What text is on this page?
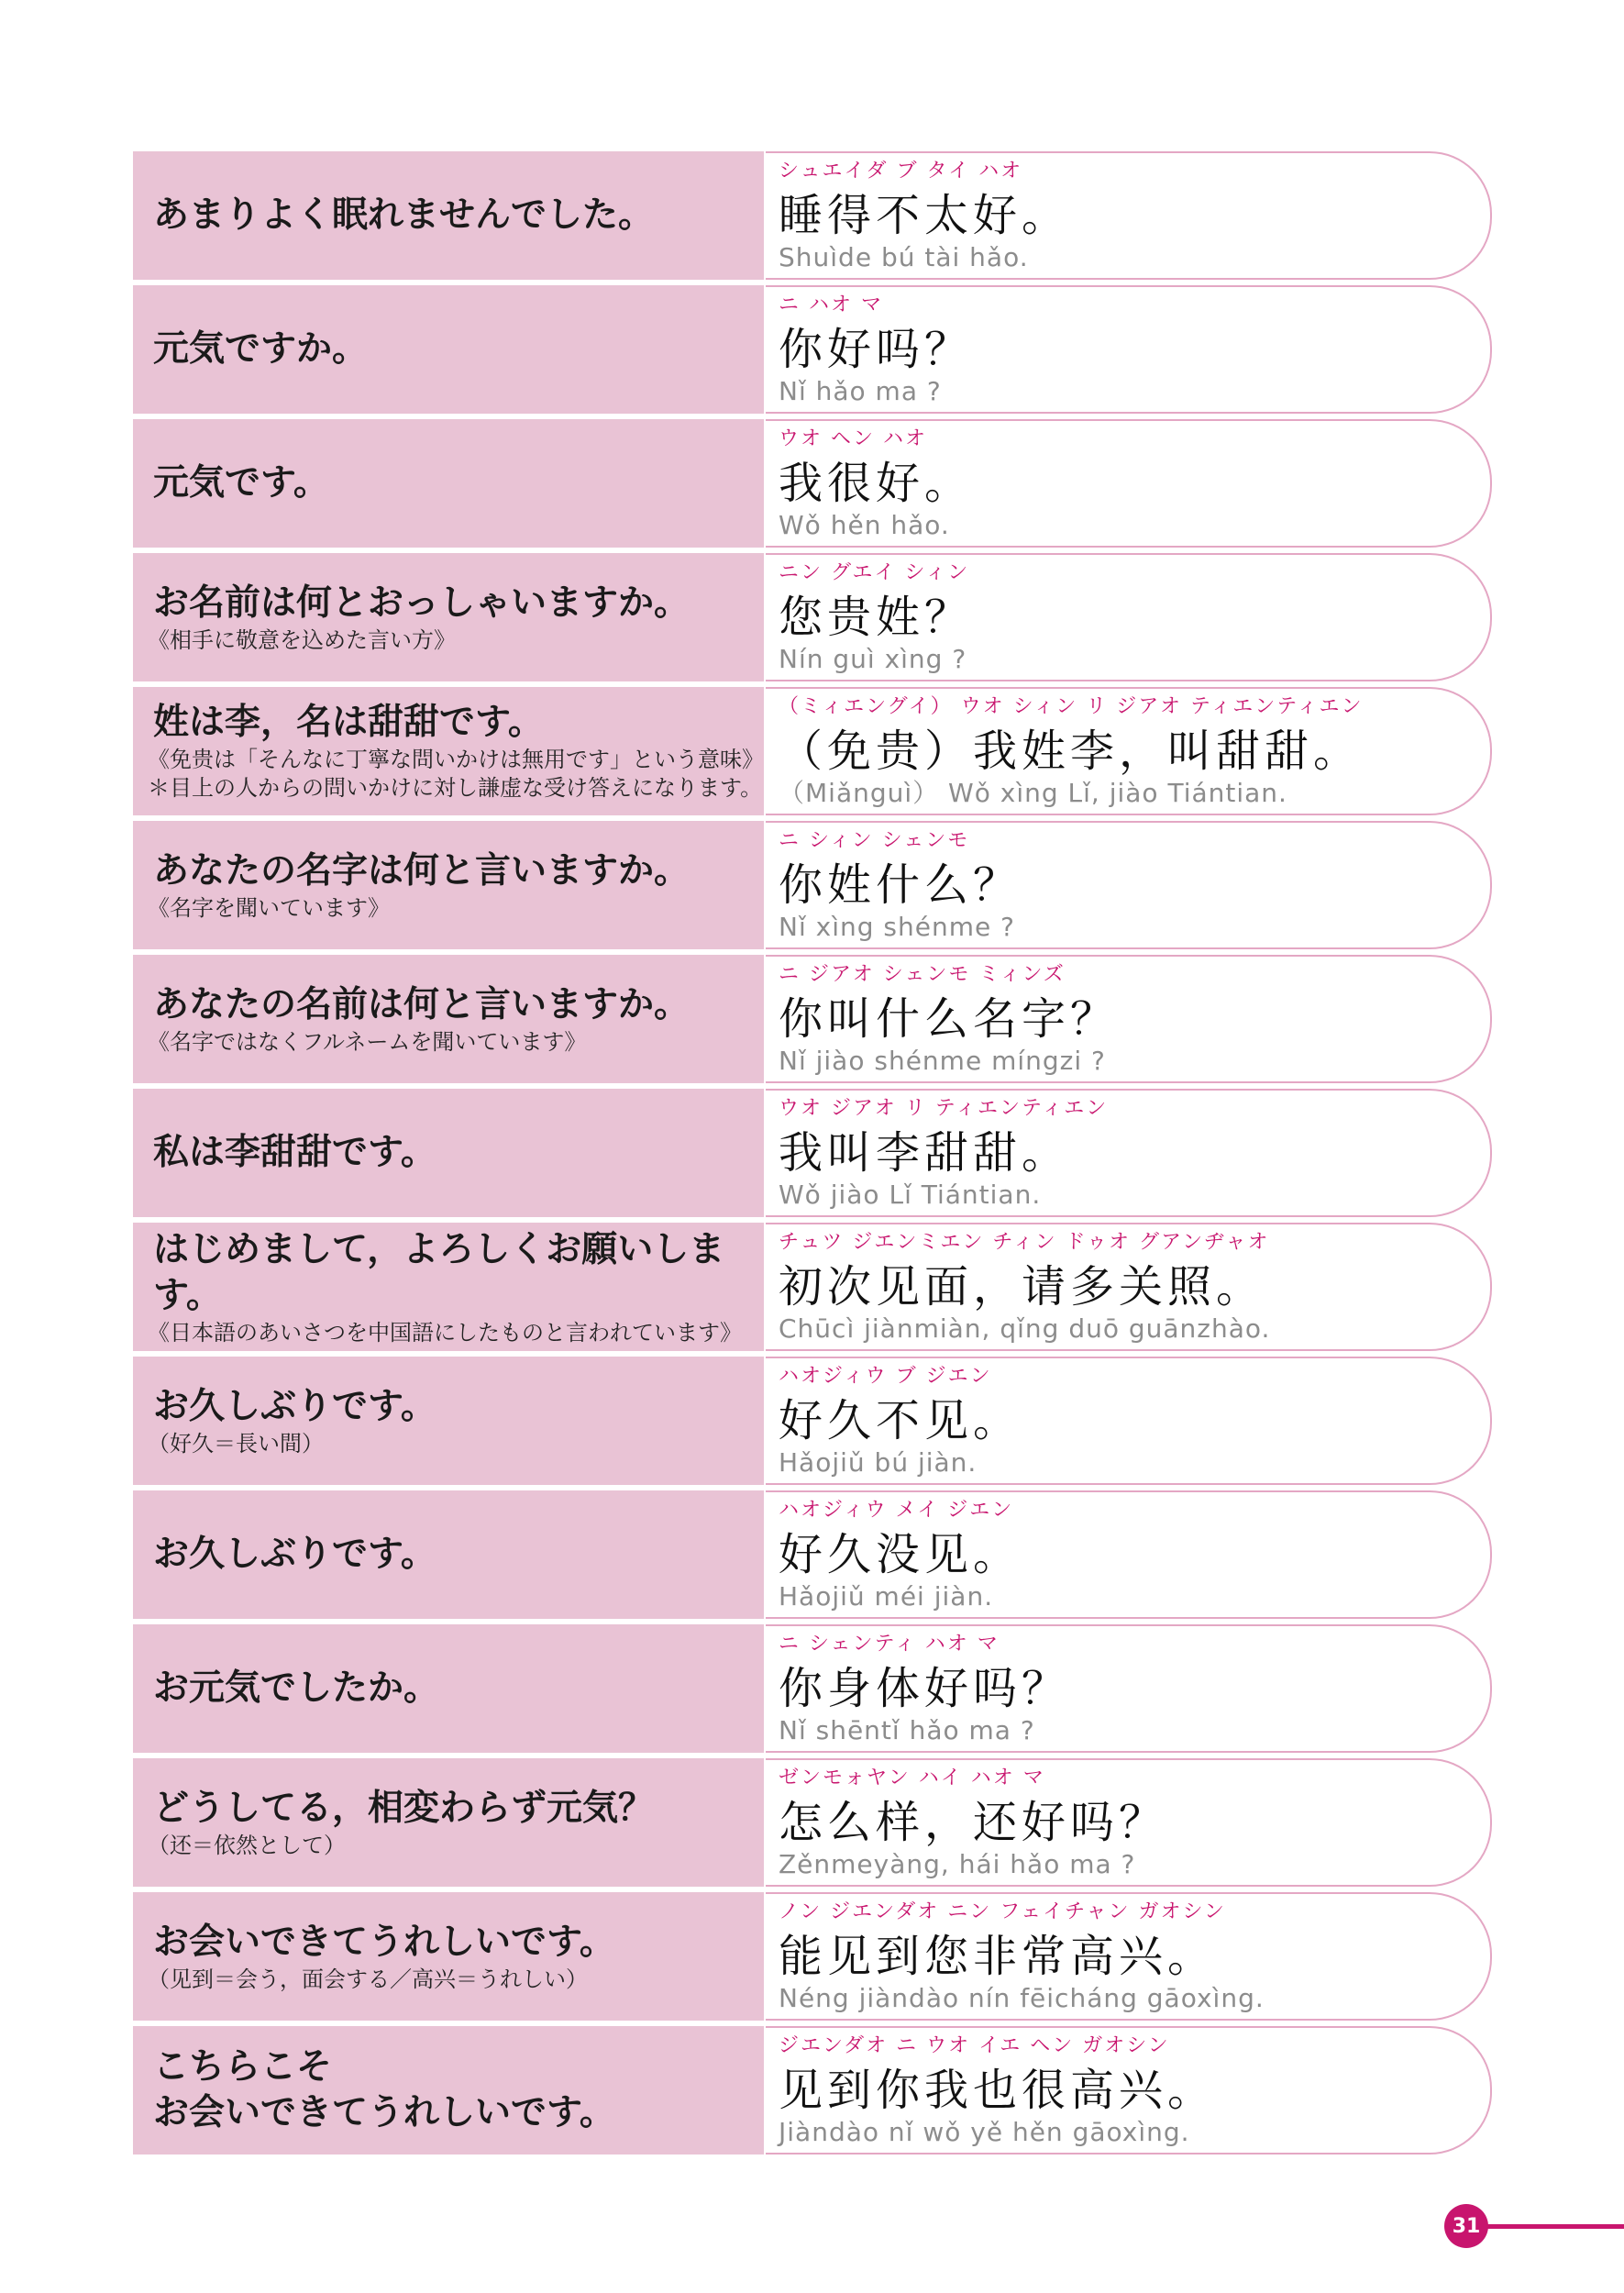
あまりよく眠れませんでした。
シュエイダ ブ タイ ハオ
睡得不太好。
Shuìde bú tài hǎo.
元気ですか。
ニ ハオ マ
你好吗？
Nǐ hǎo ma ?
元気です。
ウオ ヘン ハオ
我很好。
Wǒ hěn hǎo.
お名前は何とおっしゃいますか。
《相手に敬意を込めた言い方》
ニン グエイ シィン
您贵姓？
Nín guì xìng ?
姓は李，名は甜甜です。
《免贵は「そんなに丁寧な問いかけは無用です」という意味》
＊目上の人からの問いかけに対し謙虚な受け答えになります。
（ミィエングイ） ウオ シィン リ ジアオ ティエンティエン
（免贵）我姓李，叫甜甜。
（Miǎnguì） Wǒ xìng Lǐ, jiào Tiántian.
あなたの名字は何と言いますか。
《名字を聞いています》
ニ シィン シェンモ
你姓什么？
Nǐ xìng shénme ?
あなたの名前は何と言いますか。
《名字ではなくフルネームを聞いています》
ニ ジアオ シェンモ ミィンズ
你叫什么名字？
Nǐ jiào shénme míngzi ?
私は李甜甜です。
ウオ ジアオ リ ティエンティエン
我叫李甜甜。
Wǒ jiào Lǐ Tiántian.
はじめまして，よろしくお願いします。
《日本語のあいさつを中国語にしたものと言われています》
チュツ ジエンミエン チィン ドゥオ グアンヂャオ
初次见面，请多关照。
Chūcì jiànmiàn, qǐng duō guānzhào.
お久しぶりです。
（好久＝長い間）
ハオジィウ ブ ジエン
好久不见。
Hǎojiǔ bú jiàn.
お久しぶりです。
ハオジィウ メイ ジエン
好久没见。
Hǎojiǔ méi jiàn.
お元気でしたか。
ニ シェンティ ハオ マ
你身体好吗？
Nǐ shēntǐ hǎo ma ?
どうしてる，相変わらず元気？
（还＝依然として）
ゼンモォヤン ハイ ハオ マ
怎么样，还好吗？
Zěnmeyàng, hái hǎo ma ?
お会いできてうれしいです。
（见到＝会う，面会する／高兴＝うれしい）
ノン ジエンダオ ニン フェイチャン ガオシン
能见到您非常高兴。
Néng jiàndào nín fēicháng gāoxìng.
こちらこそ
お会いできてうれしいです。
ジエンダオ ニ ウオ イエ ヘン ガオシン
见到你我也很高兴。
Jiàndào nǐ wǒ yě hěn gāoxìng.
31
